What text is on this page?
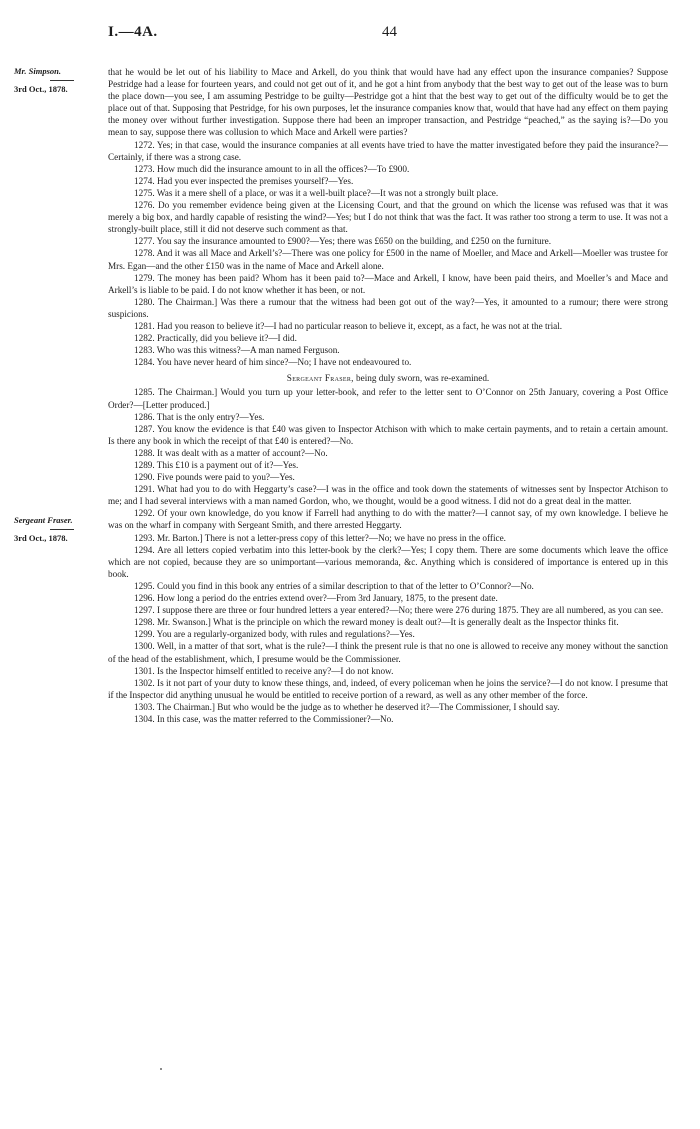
I.—4A.	44
Mr. Simpson.
3rd Oct., 1878.
Sergeant Fraser.
3rd Oct., 1878.

that he would be let out of his liability to Mace and Arkell, do you think that would have had any effect upon the insurance companies? Suppose Pestridge had a lease for fourteen years, and could not get out of it, and he got a hint from anybody that the best way to get out of the lease was to burn the place down—you see, I am assuming Pestridge to be guilty—Pestridge got a hint that the best way to get out of the difficulty would be to get the place out of that. Supposing that Pestridge, for his own purposes, let the insurance companies know that, would that have had any effect on them paying the money over without further investigation. Suppose there had been an improper transaction, and Pestridge “peached,” as the saying is?—Do you mean to say, suppose there was collusion to which Mace and Arkell were parties?

1272. Yes; in that case, would the insurance companies at all events have tried to have the matter investigated before they paid the insurance?—Certainly, if there was a strong case.

1273. How much did the insurance amount to in all the offices?—To £900.

1274. Had you ever inspected the premises yourself?—Yes.

1275. Was it a mere shell of a place, or was it a well-built place?—It was not a strongly built place.

1276. Do you remember evidence being given at the Licensing Court, and that the ground on which the license was refused was that it was merely a big box, and hardly capable of resisting the wind?—Yes; but I do not think that was the fact. It was rather too strong a term to use. It was not a strongly-built place, still it did not deserve such comment as that.

1277. You say the insurance amounted to £900?—Yes; there was £650 on the building, and £250 on the furniture.

1278. And it was all Mace and Arkell’s?—There was one policy for £500 in the name of Moeller, and Mace and Arkell—Moeller was trustee for Mrs. Egan—and the other £150 was in the name of Mace and Arkell alone.

1279. The money has been paid? Whom has it been paid to?—Mace and Arkell, I know, have been paid theirs, and Moeller’s and Mace and Arkell’s is liable to be paid. I do not know whether it has been, or not.

1280. The Chairman.] Was there a rumour that the witness had been got out of the way?—Yes, it amounted to a rumour; there were strong suspicions.

1281. Had you reason to believe it?—I had no particular reason to believe it, except, as a fact, he was not at the trial.

1282. Practically, did you believe it?—I did.

1283. Who was this witness?—A man named Ferguson.

1284. You have never heard of him since?—No; I have not endeavoured to.

Sergeant Fraser, being duly sworn, was re-examined.

1285. The Chairman.] Would you turn up your letter-book, and refer to the letter sent to O’Connor on 25th January, covering a Post Office Order?—[Letter produced.]

1286. That is the only entry?—Yes.

1287. You know the evidence is that £40 was given to Inspector Atchison with which to make certain payments, and to retain a certain amount. Is there any book in which the receipt of that £40 is entered?—No.

1288. It was dealt with as a matter of account?—No.

1289. This £10 is a payment out of it?—Yes.

1290. Five pounds were paid to you?—Yes.

1291. What had you to do with Heggarty’s case?—I was in the office and took down the statements of witnesses sent by Inspector Atchison to me; and I had several interviews with a man named Gordon, who, we thought, would be a good witness. I did not do a great deal in the matter.

1292. Of your own knowledge, do you know if Farrell had anything to do with the matter?—I cannot say, of my own knowledge. I believe he was on the wharf in company with Sergeant Smith, and there arrested Heggarty.

1293. Mr. Barton.] There is not a letter-press copy of this letter?—No; we have no press in the office.

1294. Are all letters copied verbatim into this letter-book by the clerk?—Yes; I copy them. There are some documents which leave the office which are not copied, because they are so unimportant—various memoranda, &c. Anything which is considered of importance is entered up in this book.

1295. Could you find in this book any entries of a similar description to that of the letter to O’Connor?—No.

1296. How long a period do the entries extend over?—From 3rd January, 1875, to the present date.

1297. I suppose there are three or four hundred letters a year entered?—No; there were 276 during 1875. They are all numbered, as you can see.

1298. Mr. Swanson.] What is the principle on which the reward money is dealt out?—It is generally dealt as the Inspector thinks fit.

1299. You are a regularly-organized body, with rules and regulations?—Yes.

1300. Well, in a matter of that sort, what is the rule?—I think the present rule is that no one is allowed to receive any money without the sanction of the head of the establishment, which, I presume would be the Commissioner.

1301. Is the Inspector himself entitled to receive any?—I do not know.

1302. Is it not part of your duty to know these things, and, indeed, of every policeman when he joins the service?—I do not know. I presume that if the Inspector did anything unusual he would be entitled to receive portion of a reward, as well as any other member of the force.

1303. The Chairman.] But who would be the judge as to whether he deserved it?—The Commissioner, I should say.

1304. In this case, was the matter referred to the Commissioner?—No.
